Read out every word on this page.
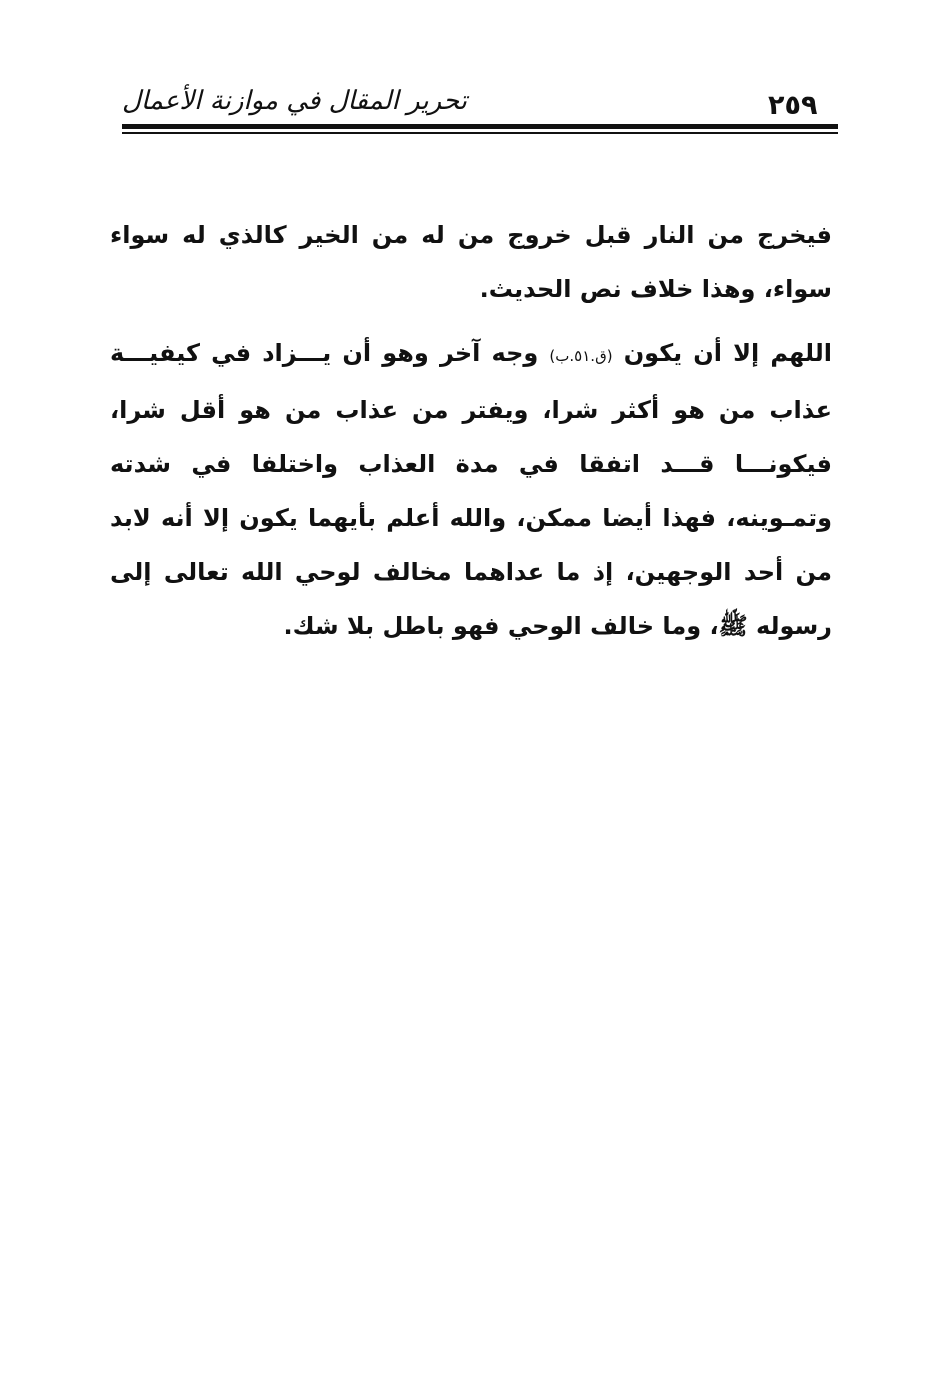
تحرير المقال في موازنة الأعمال	٢٥٩

فيخرج من النار قبل خروج من له من الخير كالذي له سواء سواء، وهذا خلاف نص الحديث.

اللهم إلا أن يكون (ق.٥١.ب) وجه آخر وهو أن يـــزاد في كيفيـــة عذاب من هو أكثر شرا، ويفتر من عذاب من هو أقل شرا، فيكونـــا قـــد اتفقا في مدة العذاب واختلفا في شدته وتمـوينه، فهذا أيضا ممكن، والله أعلم بأيهما يكون إلا أنه لابد من أحد الوجهين، إذ ما عداهما مخالف لوحي الله تعالى إلى رسوله ﷺ، وما خالف الوحي فهو باطل بلا شك.
